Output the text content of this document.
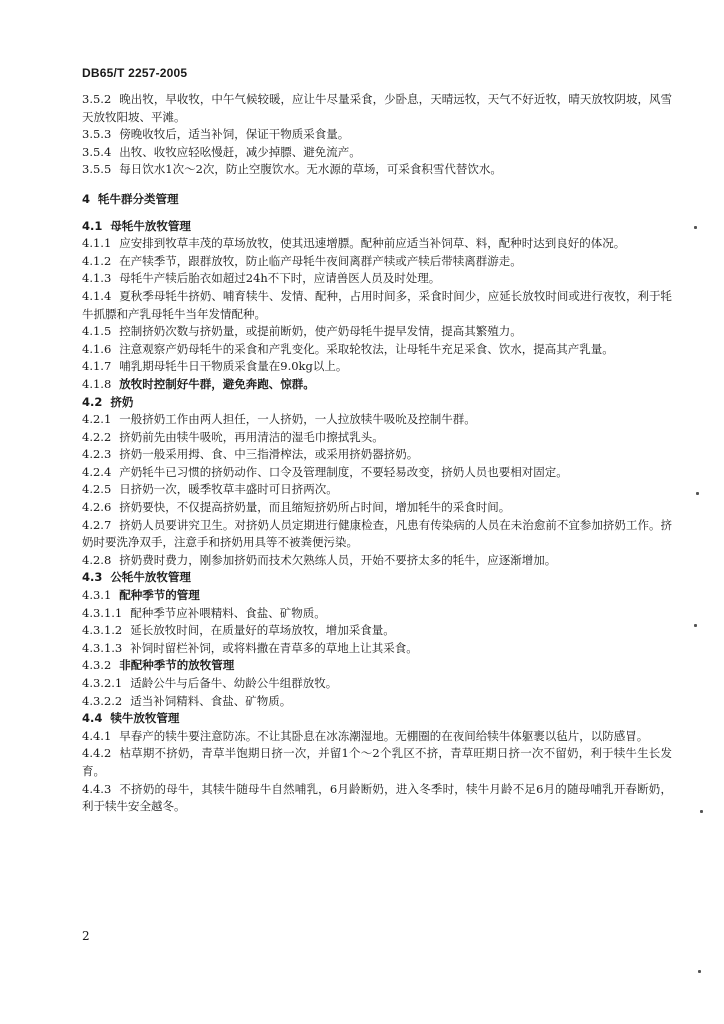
DB65/T 2257-2005

3.5.2 晚出牧，早收牧，中午气候较暖，应让牛尽量采食，少卧息，天晴远牧，天气不好近牧，晴天放牧阴坡，风雪天放牧阳坡、平滩。

3.5.3 傍晚收牧后，适当补饲，保证干物质采食量。

3.5.4 出牧、收牧应轻吆慢赶，减少掉膘、避免流产。

3.5.5 每日饮水1次～2次，防止空腹饮水。无水源的草场，可采食积雪代替饮水。

4 牦牛群分类管理

4.1 母牦牛放牧管理

4.1.1 应安排到牧草丰茂的草场放牧，使其迅速增膘。配种前应适当补饲草、料，配种时达到良好的体况。

4.1.2 在产犊季节，跟群放牧，防止临产母牦牛夜间离群产犊或产犊后带犊离群游走。

4.1.3 母牦牛产犊后胎衣如超过24h不下时，应请兽医人员及时处理。

4.1.4 夏秋季母牦牛挤奶、哺育犊牛、发情、配种，占用时间多，采食时间少，应延长放牧时间或进行夜牧，利于牦牛抓膘和产乳母牦牛当年发情配种。

4.1.5 控制挤奶次数与挤奶量，或提前断奶，使产奶母牦牛提早发情，提高其繁殖力。

4.1.6 注意观察产奶母牦牛的采食和产乳变化。采取轮牧法，让母牦牛充足采食、饮水，提高其产乳量。

4.1.7 哺乳期母牦牛日干物质采食量在9.0kg以上。

4.1.8 放牧时控制好牛群，避免奔跑、惊群。

4.2 挤奶

4.2.1 一般挤奶工作由两人担任，一人挤奶，一人拉放犊牛吸吮及控制牛群。

4.2.2 挤奶前先由犊牛吸吮，再用清洁的湿毛巾擦拭乳头。

4.2.3 挤奶一般采用拇、食、中三指滑榨法，或采用挤奶器挤奶。

4.2.4 产奶牦牛已习惯的挤奶动作、口令及管理制度，不要轻易改变，挤奶人员也要相对固定。

4.2.5 日挤奶一次，暖季牧草丰盛时可日挤两次。

4.2.6 挤奶要快，不仅提高挤奶量，而且缩短挤奶所占时间，增加牦牛的采食时间。

4.2.7 挤奶人员要讲究卫生。对挤奶人员定期进行健康检查，凡患有传染病的人员在未治愈前不宜参加挤奶工作。挤奶时要洗净双手，注意手和挤奶用具等不被粪便污染。

4.2.8 挤奶费时费力，刚参加挤奶而技术欠熟练人员，开始不要挤太多的牦牛，应逐渐增加。

4.3 公牦牛放牧管理

4.3.1 配种季节的管理

4.3.1.1 配种季节应补喂精料、食盐、矿物质。

4.3.1.2 延长放牧时间，在质量好的草场放牧，增加采食量。

4.3.1.3 补饲时留栏补饲，或将料撒在青草多的草地上让其采食。

4.3.2 非配种季节的放牧管理

4.3.2.1 适龄公牛与后备牛、幼龄公牛组群放牧。

4.3.2.2 适当补饲精料、食盐、矿物质。

4.4 犊牛放牧管理

4.4.1 早春产的犊牛要注意防冻。不让其卧息在冰冻潮湿地。无棚圈的在夜间给犊牛体躯裹以毡片，以防感冒。

4.4.2 枯草期不挤奶，青草半饱期日挤一次，并留1个～2个乳区不挤，青草旺期日挤一次不留奶，利于犊牛生长发育。

4.4.3 不挤奶的母牛，其犊牛随母牛自然哺乳，6月龄断奶，进入冬季时，犊牛月龄不足6月的随母哺乳开春断奶，利于犊牛安全越冬。

2
